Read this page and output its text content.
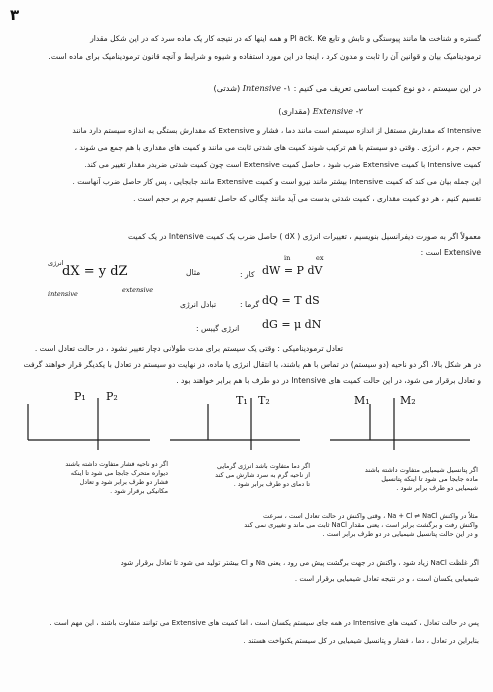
۳
گستره و شناخت ها مانند پیوستگی و تابش و تابع Pl ack. Ke و همه اینها که در نتیجه کار یک ماده سرد که در این شکل مقدار
ترمودینامیک بیان و قوانین آن را ثابت و مدون کرد ، اینجا در این مورد استفاده و شیوه و شرایط و آنچه قانون ترمودینامیک برای ماده است.
در این سیستم ، دو نوع کمیت اساسی تعریف می کنیم : ۱- Intensive (شدتی)
۲- Extensive (مقداری)
Intensive که مقدارش مستقل از اندازه سیستم است مانند دما ، فشار و Extensive که مقدارش بستگی به اندازه سیستم دارد مانند
حجم ، جرم ، انرژی . وقتی دو سیستم با هم ترکیب شوند کمیت های شدتی ثابت می مانند و کمیت های مقداری با هم جمع می شوند ،
کمیت Intensive با کمیت Extensive ضرب شود ، حاصل کمیت Extensive است چون کمیت شدتی ضربدر مقدار تغییر می کند.
این جمله بیان می کند که کمیت Intensive بیشتر مانند نیرو است و کمیت Extensive مانند جابجایی ، پس کار حاصل ضرب آنهاست .
تقسیم کنیم ، هر دو کمیت مقداری ، کمیت شدتی بدست می آید مانند چگالی که حاصل تقسیم جرم بر حجم است .
معمولاً اگر به صورت دیفرانسیل بنویسیم ، تغییرات انرژی ( dX ) حاصل ضرب یک کمیت Intensive در یک کمیت
Extensive است :
انرژی
dX = y dZ
intensive	extensive
مثال	کار :
in	ex
dW = P dV
تبادل انرژی	گرما : dQ = T dS
انرژی گیبس : dG = μ dN
تعادل ترمودینامیکی : وقتی یک سیستم برای مدت طولانی دچار تغییر نشود ، در حالت تعادل است .
در هر شکل بالا، اگر دو ناحیه (دو سیستم) در تماس با هم باشند، با انتقال انرژی یا ماده، در نهایت دو سیستم در تعادل با یکدیگر قرار خواهند گرفت
و تعادل برقرار می شود، در این حالت کمیت های Intensive در دو طرف با هم برابر خواهند بود .
P₁ P₂	T₁ T₂	M₁	M₂
اگر دو ناحیه فشار متفاوت داشته باشند
دیواره متحرک جابجا می شود تا اینکه
فشار دو طرف برابر شود و تعادل
مکانیکی برقرار شود .
اگر دما متفاوت باشد انرژی گرمایی
از ناحیه گرم به سرد شارش می کند
تا دمای دو طرف برابر شود .
اگر پتانسیل شیمیایی متفاوت داشته باشند
ماده جابجا می شود تا اینکه پتانسیل
شیمیایی دو طرف برابر شود .
مثلاً در واکنش Na + Cl ⇌ NaCl ، وقتی واکنش در حالت تعادل است ، سرعت
واکنش رفت و برگشت برابر است ، یعنی مقدار NaCl ثابت می ماند و تغییری نمی کند
و در این حالت پتانسیل شیمیایی در دو طرف برابر است .
اگر غلظت NaCl زیاد شود ، واکنش در جهت برگشت پیش می رود ، یعنی Na و Cl بیشتر تولید می شود تا تعادل برقرار شود
شیمیایی یکسان است ، و در نتیجه تعادل شیمیایی برقرار است .
پس در حالت تعادل ، کمیت های Intensive در همه جای سیستم یکسان است ، اما کمیت های Extensive می توانند متفاوت باشند ، این مهم است .
بنابراین در تعادل ، دما ، فشار و پتانسیل شیمیایی در کل سیستم یکنواخت هستند .
